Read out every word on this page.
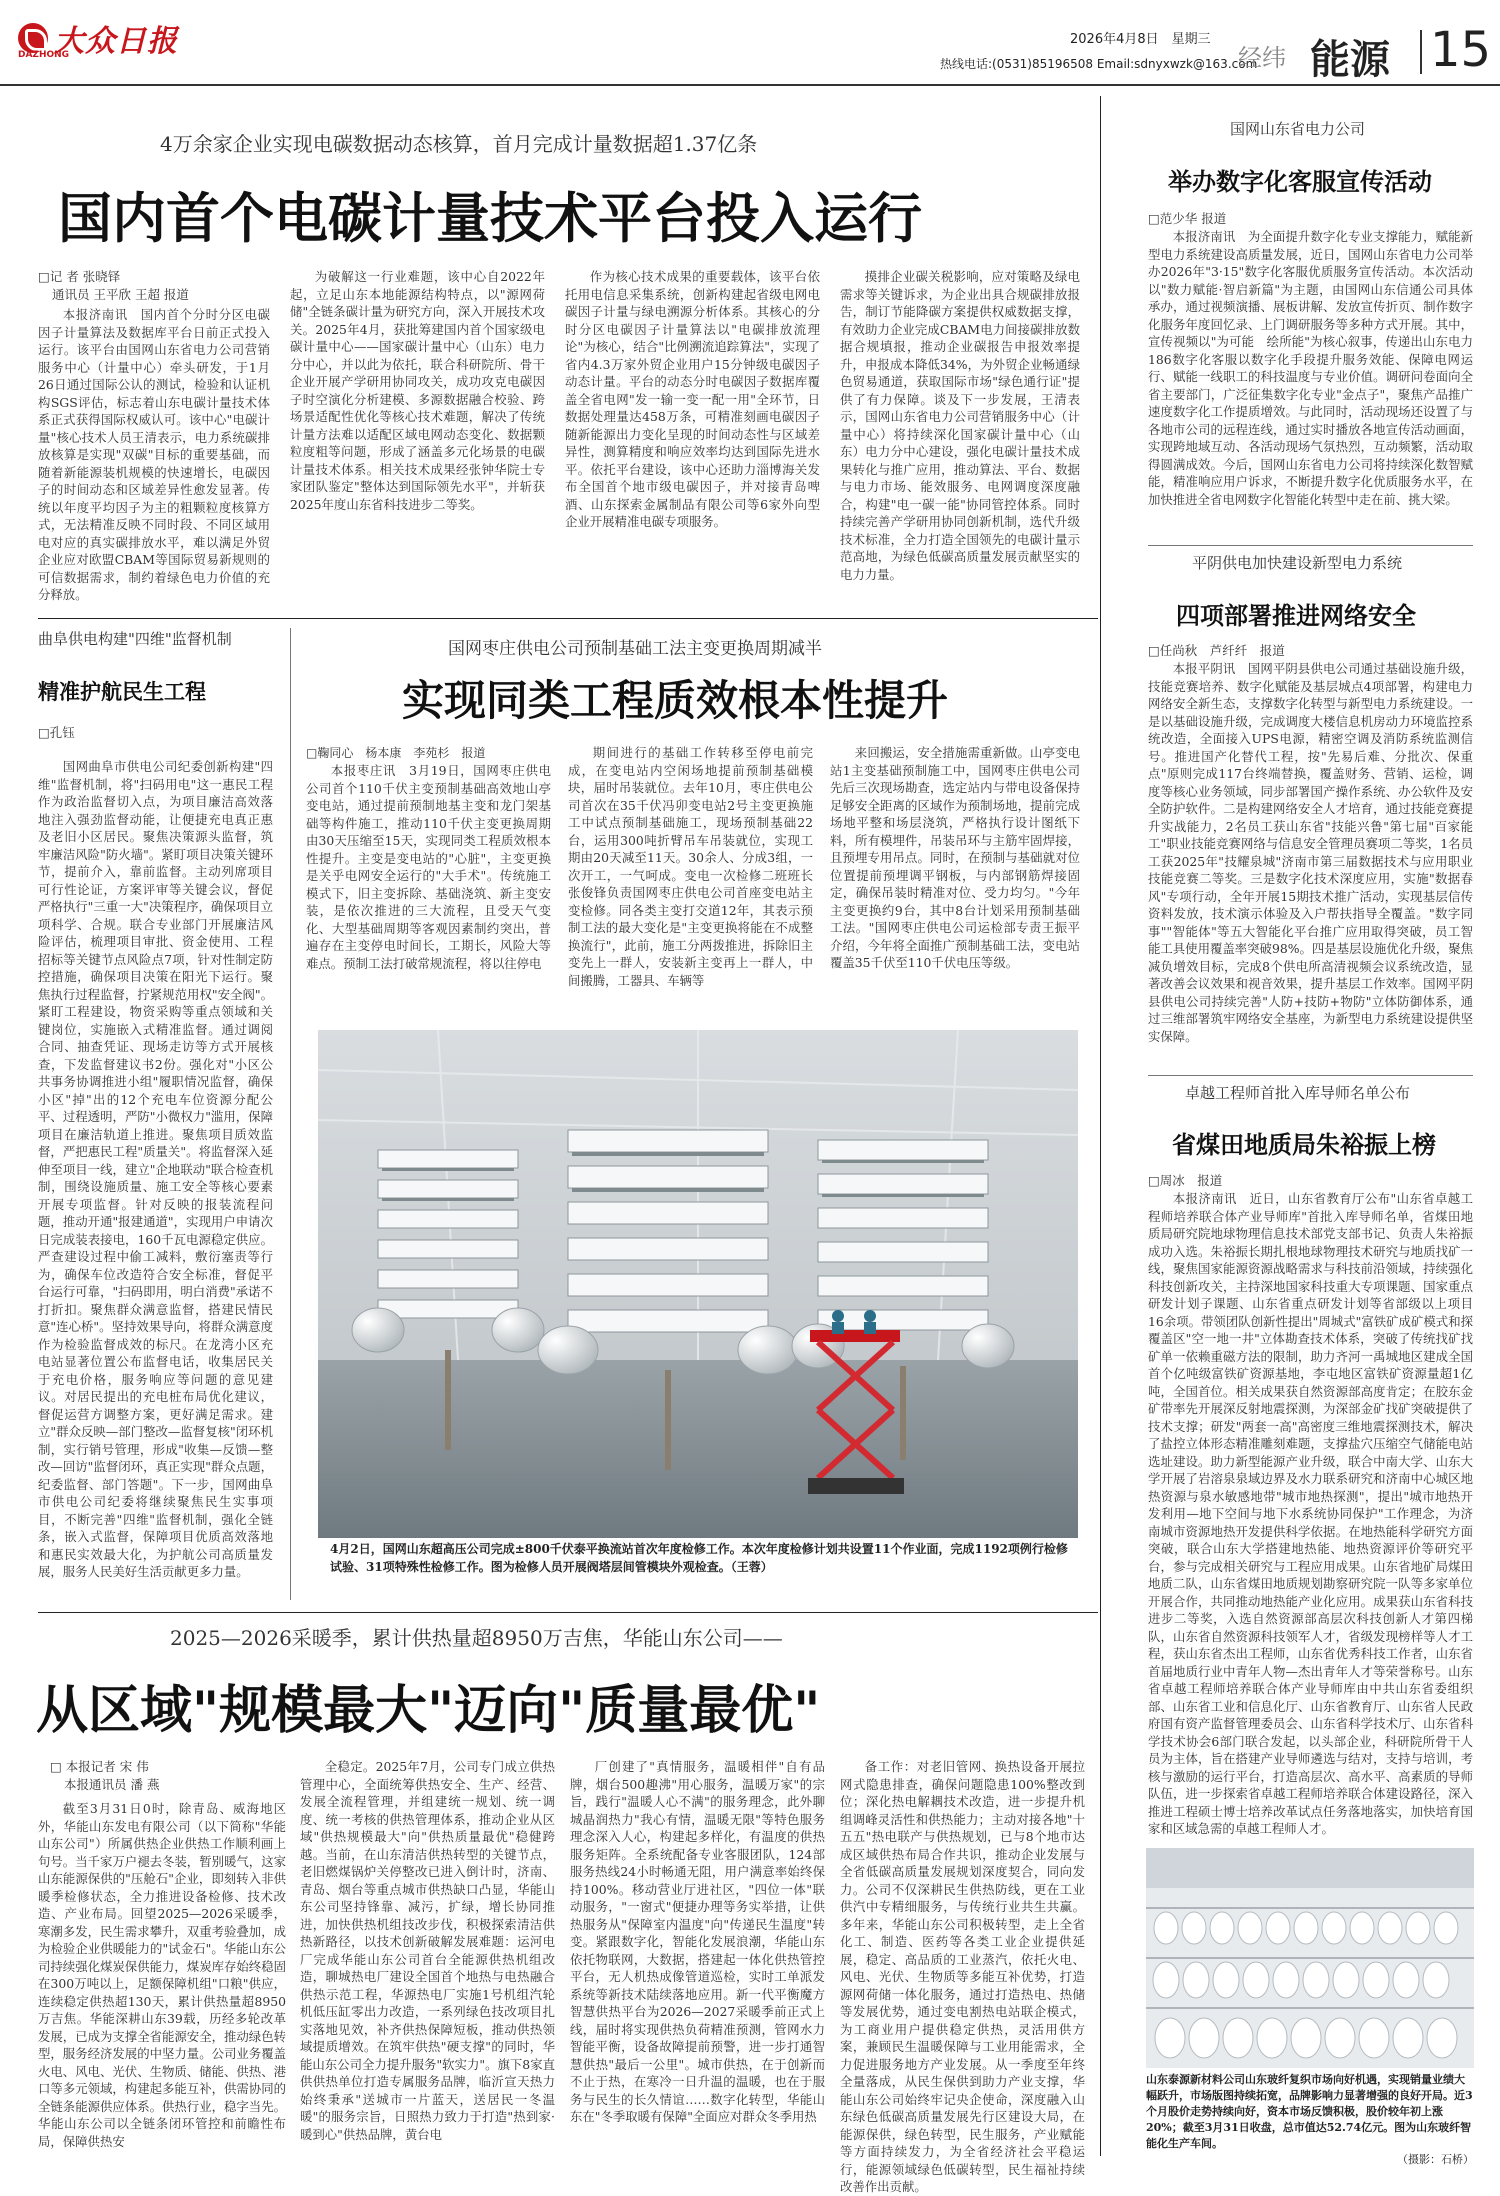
大众日报
DAZHONG
2026年4月8日　星期三
热线电话:(0531)85196508 Email:sdnyxwzk@163.com
经纬 能源 15
4万余家企业实现电碳数据动态核算，首月完成计量数据超1.37亿条
国内首个电碳计量技术平台投入运行
□记 者 张晓铎
通讯员 王平欣 王超 报道

本报济南讯　国内首个分时分区电碳因子计量算法及数据库平台日前正式投入运行。该平台由国网山东省电力公司营销服务中心（计量中心）牵头研发，于1月26日通过国际公认的测试，检验和认证机构SGS评估，标志着山东电碳计量技术体系正式获得国际权威认可。该中心"电碳计量"核心技术人员王清表示，电力系统碳排放核算是实现"双碳"目标的重要基础，而随着新能源装机规模的快速增长，电碳因子的时间动态和区域差异性愈发显著。传统以年度平均因子为主的粗颗粒度核算方式，无法精准反映不同时段、不同区域用电对应的真实碳排放水平，难以满足外贸企业应对欧盟CBAM等国际贸易新规则的可信数据需求，制约着绿色电力价值的充分释放。

为破解这一行业难题，该中心自2022年起，立足山东本地能源结构特点，以"源网荷储"全链条碳计量为研究方向，深入开展技术攻关。2025年4月，获批筹建国内首个国家级电碳计量中心——国家碳计量中心（山东）电力分中心，并以此为依托，联合科研院所、骨干企业开展产学研用协同攻关，成功攻克电碳因子时空演化分析建模、多源数据融合校验、跨场景适配性优化等核心技术难题，解决了传统计量方法难以适配区域电网动态变化、数据颗粒度粗等问题，形成了涵盖多元化场景的电碳计量技术体系。相关技术成果经张钟华院士专家团队鉴定"整体达到国际领先水平"，并斩获2025年度山东省科技进步二等奖。

作为核心技术成果的重要载体，该平台依托用电信息采集系统，创新构建起省级电网电碳因子计量与绿电溯源分析体系。其核心的分时分区电碳因子计量算法以"电碳排放流理论"为核心，结合"比例溯流追踪算法"，实现了省内4.3万家外贸企业用户15分钟级电碳因子动态计量。平台的动态分时电碳因子数据库覆盖全省电网"发一输一变一配一用"全环节，日数据处理量达458万条，可精准刻画电碳因子随新能源出力变化呈现的时间动态性与区域差异性，测算精度和响应效率均达到国际先进水平。依托平台建设，该中心还助力淄博海关发布全国首个地市级电碳因子，并对接青岛啤酒、山东探索金属制品有限公司等6家外向型企业开展精准电碳专项服务。

摸排企业碳关税影响，应对策略及绿电需求等关键诉求，为企业出具合规碳排放报告，制订节能降碳方案提供权威数据支撑，有效助力企业完成CBAM电力间接碳排放数据合规填报，推动企业碳报告申报效率提升，申报成本降低34%，为外贸企业畅通绿色贸易通道，获取国际市场"绿色通行证"提供了有力保障。谈及下一步发展，王清表示，国网山东省电力公司营销服务中心（计量中心）将持续深化国家碳计量中心（山东）电力分中心建设，强化电碳计量技术成果转化与推广应用，推动算法、平台、数据与电力市场、能效服务、电网调度深度融合，构建"电一碳一能"协同管控体系。同时持续完善产学研用协同创新机制，选代升级技术标准，全力打造全国领先的电碳计量示范高地，为绿色低碳高质量发展贡献坚实的电力力量。

国网山东省电力公司
举办数字化客服宣传活动
□范少华 报道

本报济南讯　为全面提升数字化专业支撑能力，赋能新型电力系统建设高质量发展，近日，国网山东省电力公司举办2026年"3·15"数字化客服优质服务宣传活动。本次活动以"数力赋能·智启新篇"为主题，由国网山东信通公司具体承办，通过视频演播、展板讲解、发放宣传折页、制作数字化服务年度回忆录、上门调研服务等多种方式开展。其中，宣传视频以"为可能　绘所能"为核心叙事，传递出山东电力186数字化客服以数字化手段提升服务效能、保障电网运行、赋能一线职工的科技温度与专业价值。调研问卷面向全省主要部门，广泛征集数字化专业"金点子"，聚焦产品推广速度数字化工作提质增效。与此同时，活动现场还设置了与各地市公司的远程连线，通过实时播放各地宣传活动画面，实现跨地域互动、各活动现场气氛热烈，互动频繁，活动取得圆满成效。今后，国网山东省电力公司将持续深化数智赋能，精准响应用户诉求，不断提升数字化优质服务水平，在加快推进全省电网数字化智能化转型中走在前、挑大梁。

平阴供电加快建设新型电力系统
四项部署推进网络安全
□任尚秋　芦纤纤　报道

本报平阴讯　国网平阴县供电公司通过基础设施升级，技能竞赛培养、数字化赋能及基层城点4项部署，构建电力网络安全新生态，支撑数字化转型与新型电力系统建设。一是以基础设施升级，完成调度大楼信息机房动力环境监控系统改造，全面接入UPS电源，精密空调及消防系统监测信号。推进国产化替代工程，按"先易后难、分批次、保重点"原则完成117台终端替换，覆盖财务、营销、运检，调度等核心业务领域，同步部署国产操作系统、办公软件及安全防护软件。二是构建网络安全人才培育，通过技能竞赛提升实战能力，2名员工获山东省"技能兴鲁"第七届"百家能工"职业技能竞赛网络与信息安全管理员赛项二等奖，1名员工获2025年"技耀泉城"济南市第三届数据技术与应用职业技能竞赛二等奖。三是数字化技术深度应用，实施"数据春风"专项行动，全年开展15期技术推广活动，实现基层信传资料发放，技术演示体验及入户帮扶指导全覆盖。"数字同事""智能体"等五大智能化平台推广应用取得突破，员工智能工具使用覆盖率突破98%。四是基层设施优化升级，聚焦减负增效目标，完成8个供电所高清视频会议系统改造，显著改善会议效果和视音效果，提升基层工作效率。国网平阴县供电公司持续完善"人防+技防+物防"立体防御体系，通过三维部署筑牢网络安全基座，为新型电力系统建设提供坚实保障。

曲阜供电构建"四维"监督机制
精准护航民生工程
□孔钰

国网曲阜市供电公司纪委创新构建"四维"监督机制，将"扫码用电"这一惠民工程作为政治监督切入点，为项目廉洁高效落地注入强劲监督动能，让便捷充电真正惠及老旧小区居民。聚焦决策源头监督，筑牢廉洁风险"防火墙"。紧盯项目决策关键环节，提前介入，靠前监督。主动列席项目可行性论证，方案评审等关键会议，督促严格执行"三重一大"决策程序，确保项目立项科学、合规。联合专业部门开展廉洁风险评估，梳理项目审批、资金使用、工程招标等关键节点风险点7项，针对性制定防控措施，确保项目决策在阳光下运行。聚焦执行过程监督，拧紧规范用权"安全阀"。紧盯工程建设，物资采购等重点领域和关键岗位，实施嵌入式精准监督。通过调阅合同、抽查凭证、现场走访等方式开展核查，下发监督建议书2份。强化对"小区公共事务协调推进小组"履职情况监督，确保小区"掉"出的12个充电车位资源分配公平、过程透明，严防"小微权力"滥用，保障项目在廉洁轨道上推进。聚焦项目质效监督，严把惠民工程"质量关"。将监督深入延伸至项目一线，建立"企地联动"联合检查机制，围绕设施质量、施工安全等核心要素开展专项监督。针对反映的报装流程问题，推动开通"报建通道"，实现用户申请次日完成装表接电，160千瓦电源稳定供应。严查建设过程中偷工减料，敷衍塞责等行为，确保车位改造符合安全标准，督促平台运行可靠，"扫码即用，明白消费"承诺不打折扣。聚焦群众满意监督，搭建民情民意"连心桥"。坚持效果导向，将群众满意度作为检验监督成效的标尺。在龙湾小区充电站显著位置公布监督电话，收集居民关于充电价格，服务响应等问题的意见建议。对居民提出的充电桩布局优化建议，督促运营方调整方案，更好满足需求。建立"群众反映—部门整改—监督复核"闭环机制，实行销号管理，形成"收集—反馈—整改—回访"监督闭环，真正实现"群众点题，纪委监督、部门答题"。下一步，国网曲阜市供电公司纪委将继续聚焦民生实事项目，不断完善"四维"监督机制，强化全链条，嵌入式监督，保障项目优质高效落地和惠民实效最大化，为护航公司高质量发展，服务人民美好生活贡献更多力量。

国网枣庄供电公司预制基础工法主变更换周期减半
实现同类工程质效根本性提升
□鞠同心　杨本康　李苑杉　报道

本报枣庄讯　3月19日，国网枣庄供电公司首个110千伏主变预制基础高效地山亭变电站，通过提前预制地基主变和龙门架基础等构件施工，推动110千伏主变更换周期由30天压缩至15天，实现同类工程质效根本性提升。主变是变电站的"心脏"，主变更换是关乎电网安全运行的"大手术"。传统施工模式下，旧主变拆除、基础浇筑、新主变安装，是依次推进的三大流程，且受天气变化、大型基础周期等客观因素制约突出，普遍存在主变停电时间长，工期长，风险大等难点。预制工法打破常规流程，将以往停电

期间进行的基础工作转移至停电前完成，在变电站内空闲场地提前预制基础模块，届时吊装就位。去年10月，枣庄供电公司首次在35千伏冯卯变电站2号主变更换施工中试点预制基础施工，现场预制基础22台，运用300吨折臂吊车吊装就位，实现工期由20天减至11天。30余人、分成3组，一次开工，一气呵成。变电一次检修二班班长张俊锋负责国网枣庄供电公司首座变电站主变检修。同各类主变打交道12年，其表示预制工法的最大变化是"主变更换将能在不成整换流行"，此前，施工分两拨推进，拆除旧主变先上一群人，安装新主变再上一群人，中间搬腾，工器具、车辆等

来回搬运，安全措施需重新做。山亭变电站1主变基础预制施工中，国网枣庄供电公司先后三次现场勘查，选定站内与带电设备保持足够安全距离的区域作为预制场地，提前完成场地平整和场层浇筑，严格执行设计图纸下料，所有模埋件，吊装吊环与主筋牢固焊接，且预埋专用吊点。同时，在预制与基础就对位位置提前预埋调平钢板，与内部钢筋焊接固定，确保吊装时精准对位、受力均匀。"今年主变更换约9台，其中8台计划采用预制基础工法。"国网枣庄供电公司运检部专责王振平介绍，今年将全面推广预制基础工法，变电站覆盖35千伏至110千伏电压等级。

4月2日，国网山东超高压公司完成±800千伏泰平换流站首次年度检修工作。本次年度检修计划共设置11个作业面，完成1192项例行检修试验、31项特殊性检修工作。图为检修人员开展阀塔层间管模块外观检查。（王蓉）
卓越工程师首批入库导师名单公布
省煤田地质局朱裕振上榜
□周冰　报道

本报济南讯　近日，山东省教育厅公布"山东省卓越工程师培养联合体产业导师库"首批入库导师名单，省煤田地质局研究院地球物理信息技术部党支部书记、负责人朱裕振成功入选。朱裕振长期扎根地球物理技术研究与地质找矿一线，聚焦国家能源资源战略需求与科技前沿领域，持续强化科技创新攻关，主持深地国家科技重大专项课题、国家重点研发计划子课题、山东省重点研发计划等省部级以上项目16余项。带领团队创新性提出"周城式"富铁矿成矿模式和探覆盖区"空一地一井"立体勘查技术体系，突破了传统找矿找矿单一依赖重磁方法的限制，助力齐河一禹城地区建成全国首个亿吨级富铁矿资源基地，李屯地区富铁矿资源量超1亿吨，全国首位。相关成果获自然资源部高度肯定；在胶东金矿带率先开展深反射地震探测，为深部金矿找矿突破提供了技术支撑；研发"两套一高"高密度三维地震探测技术，解决了盐控立体形态精准雕刻难题，支撑盐穴压缩空气储能电站选址建设。助力新型能源产业升级，联合中南大学、山东大学开展了岩溶泉泉域边界及水力联系研究和济南中心城区地热资源与泉水敏感地带"城市地热探测"，提出"城市地热开发利用—地下空间与地下水系统协同保护"工作理念，为济南城市资源地热开发提供科学依据。在地热能科学研究方面突破，联合山东大学搭建地热能、地热资源评价等研究平台，参与完成相关研究与工程应用成果。山东省地矿局煤田地质二队，山东省煤田地质规划勘察研究院一队等多家单位开展合作，共同推动地热能产业化应用。成果获山东省科技进步二等奖，入选自然资源部高层次科技创新人才第四梯队，山东省自然资源科技领军人才，省级发现榜样等人才工程，获山东省杰出工程师，山东省优秀科技工作者，山东省首届地质行业中青年人物—杰出青年人才等荣誉称号。山东省卓越工程师培养联合体产业导师库由中共山东省委组织部、山东省工业和信息化厅、山东省教育厅、山东省人民政府国有资产监督管理委员会、山东省科学技术厅、山东省科学技术协会6部门联合发起，以头部企业，科研院所骨干人员为主体，旨在搭建产业导师遴选与结对，支持与培训，考核与激励的运行平台，打造高层次、高水平、高素质的导师队伍，进一步探索省卓越工程师培养联合体建设路径，深入推进工程硕士博士培养改革试点任务落地落实，加快培育国家和区域急需的卓越工程师人才。

2025—2026采暖季，累计供热量超8950万吉焦，华能山东公司——
从区域"规模最大"迈向"质量最优"
□ 本报记者 宋 伟
本报通讯员 潘 燕

截至3月31日0时，除青岛、威海地区外，华能山东发电有限公司（以下简称"华能山东公司"）所属供热企业供热工作顺利画上句号。当千家万户褪去冬装，暂别暖气，这家山东能源保供的"压舱石"企业，即刻转入非供暖季检修状态，全力推进设备检修、技术改造、产业布局。回望2025—2026采暖季，寒潮多发，民生需求攀升，双重考验叠加，成为检验企业供暖能力的"试金石"。华能山东公司持续强化煤炭保供能力，煤炭库存始终稳固在300万吨以上，足额保障机组"口粮"供应，连续稳定供热超130天，累计供热量超8950万吉焦。华能深耕山东39载，历经多轮改革发展，已成为支撑全省能源安全，推动绿色转型，服务经济发展的中坚力量。公司业务覆盖火电、风电、光伏、生物质、储能、供热、港口等多元领域，构建起多能互补，供需协同的全链条能源供应体系。供热行业，稳字当先。华能山东公司以全链条闭环管控和前瞻性布局，保障供热安

全稳定。2025年7月，公司专门成立供热管理中心，全面统筹供热安全、生产、经营、发展全流程管理，并组建统一规划、统一调度、统一考核的供热管理体系，推动企业从区域"供热规模最大"向"供热质量最优"稳健跨越。当前，在山东清洁供热转型的关键节点，老旧燃煤锅炉关停整改已进入倒计时，济南、青岛、烟台等重点城市供热缺口凸显，华能山东公司坚持锋靠、减污，扩绿，增长协同推进，加快供热机组技改步伐，积极探索清洁供热新路径，以技术创新破解发展难题：运河电厂完成华能山东公司首台全能源供热机组改造，聊城热电厂建设全国首个地热与电热融合供热示范工程，华源热电厂实施1号机组汽轮机低压缸零出力改造，一系列绿色技改项目扎实落地见效，补齐供热保障短板，推动供热领域提质增效。在筑牢供热"硬支撑"的同时，华能山东公司全力提升服务"软实力"。旗下8家直供供热单位打造专属服务品牌，临沂宣天热力始终秉承"送城市一片蓝天，送居民一冬温暖"的服务宗旨，日照热力致力于打造"热到家·暖到心"供热品牌，黄台电

厂创建了"真情服务，温暖相伴"自有品牌，烟台500趣沸"用心服务，温暖万家"的宗旨，践行"温暖人心不满"的服务理念，此外聊城晶润热力"我心有情，温暖无限"等特色服务理念深入人心，构建起多样化，有温度的供热服务矩阵。全系统配备专业客服团队，124部服务热线24小时畅通无阻，用户满意率始终保持100%。移动营业厅进社区，"四位一体"联动服务，"一窗式"便捷办理等务实举措，让供热服务从"保障室内温度"向"传递民生温度"转变。紧跟数字化，智能化发展浪潮，华能山东依托物联网，大数据，搭建起一体化供热管控平台，无人机热成像管道巡检，实时工单派发系统等新技术陆续落地应用。新一代平衡魔方智慧供热平台为2026—2027采暖季前正式上线，届时将实现供热负荷精准预测，管网水力智能平衡，设备故障提前预警，进一步打通智慧供热"最后一公里"。城市供热，在于创新而不止于热，在寒冷一日升温的温暖，也在于服务与民生的长久情谊……数字化转型，华能山东在"冬季取暖有保障"全面应对群众冬季用热

备工作：对老旧管网、换热设备开展拉网式隐患排查，确保问题隐患100%整改到位；深化热电解耦技术改造，进一步提升机组调峰灵活性和供热能力；主动对接各地"十五五"热电联产与供热规划，已与8个地市达成区域供热布局合作共识，推动企业发展与全省低碳高质量发展规划深度契合，同向发力。公司不仅深耕民生供热防线，更在工业供汽中专精细服务，与传统行业共生共赢。多年来，华能山东公司积极转型，走上全省化工、制造、医药等各类工业企业提供延展，稳定、高品质的工业蒸汽，依托火电、风电、光伏、生物质等多能互补优势，打造源网荷储一体化服务，通过打造热电、热储等发展优势，通过变电割热电站联企模式，为工商业用户提供稳定供热，灵活用供方案，兼顾民生温暖保障与工业用能需求，全力促进服务地方产业发展。从一季度至年终全量落成，从民生保供到助力产业支撑，华能山东公司始终牢记央企使命，深度融入山东绿色低碳高质量发展先行区建设大局，在能源保供，绿色转型，民生服务，产业赋能等方面持续发力，为全省经济社会平稳运行，能源领域绿色低碳转型，民生福祉持续改善作出贡献。

山东泰源新材料公司山东玻纤复织市场向好机遇，实现销量业绩大幅跃升，市场版图持续拓宽，品牌影响力显著增强的良好开局。近3个月股价走势持续向好，资本市场反馈积极，股价较年初上涨20%；截至3月31日收盘，总市值达52.74亿元。图为山东玻纤智能化生产车间。

（摄影：石桥）
